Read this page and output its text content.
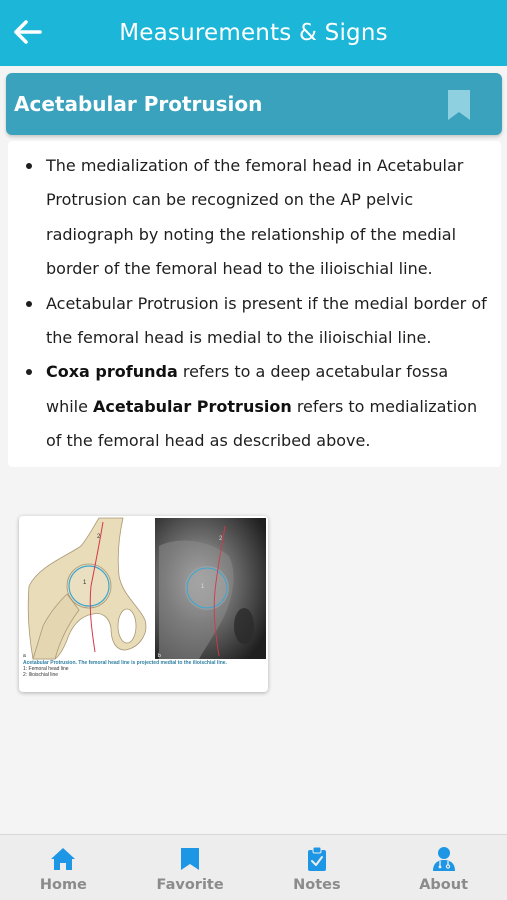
Measurements & Signs
Acetabular Protrusion
The medialization of the femoral head in Acetabular Protrusion can be recognized on the AP pelvic radiograph by noting the relationship of the medial border of the femoral head to the ilioischial line.
Acetabular Protrusion is present if the medial border of the femoral head is medial to the ilioischial line.
Coxa profunda refers to a deep acetabular fossa while Acetabular Protrusion refers to medialization of the femoral head as described above.
1
2
a
1
2
b
Acetabular Protrusion. The femoral head line is projected medial to the ilioischial line.
1: Femoral head line
2: Ilioischial line
Home	Favorite	Notes	About
